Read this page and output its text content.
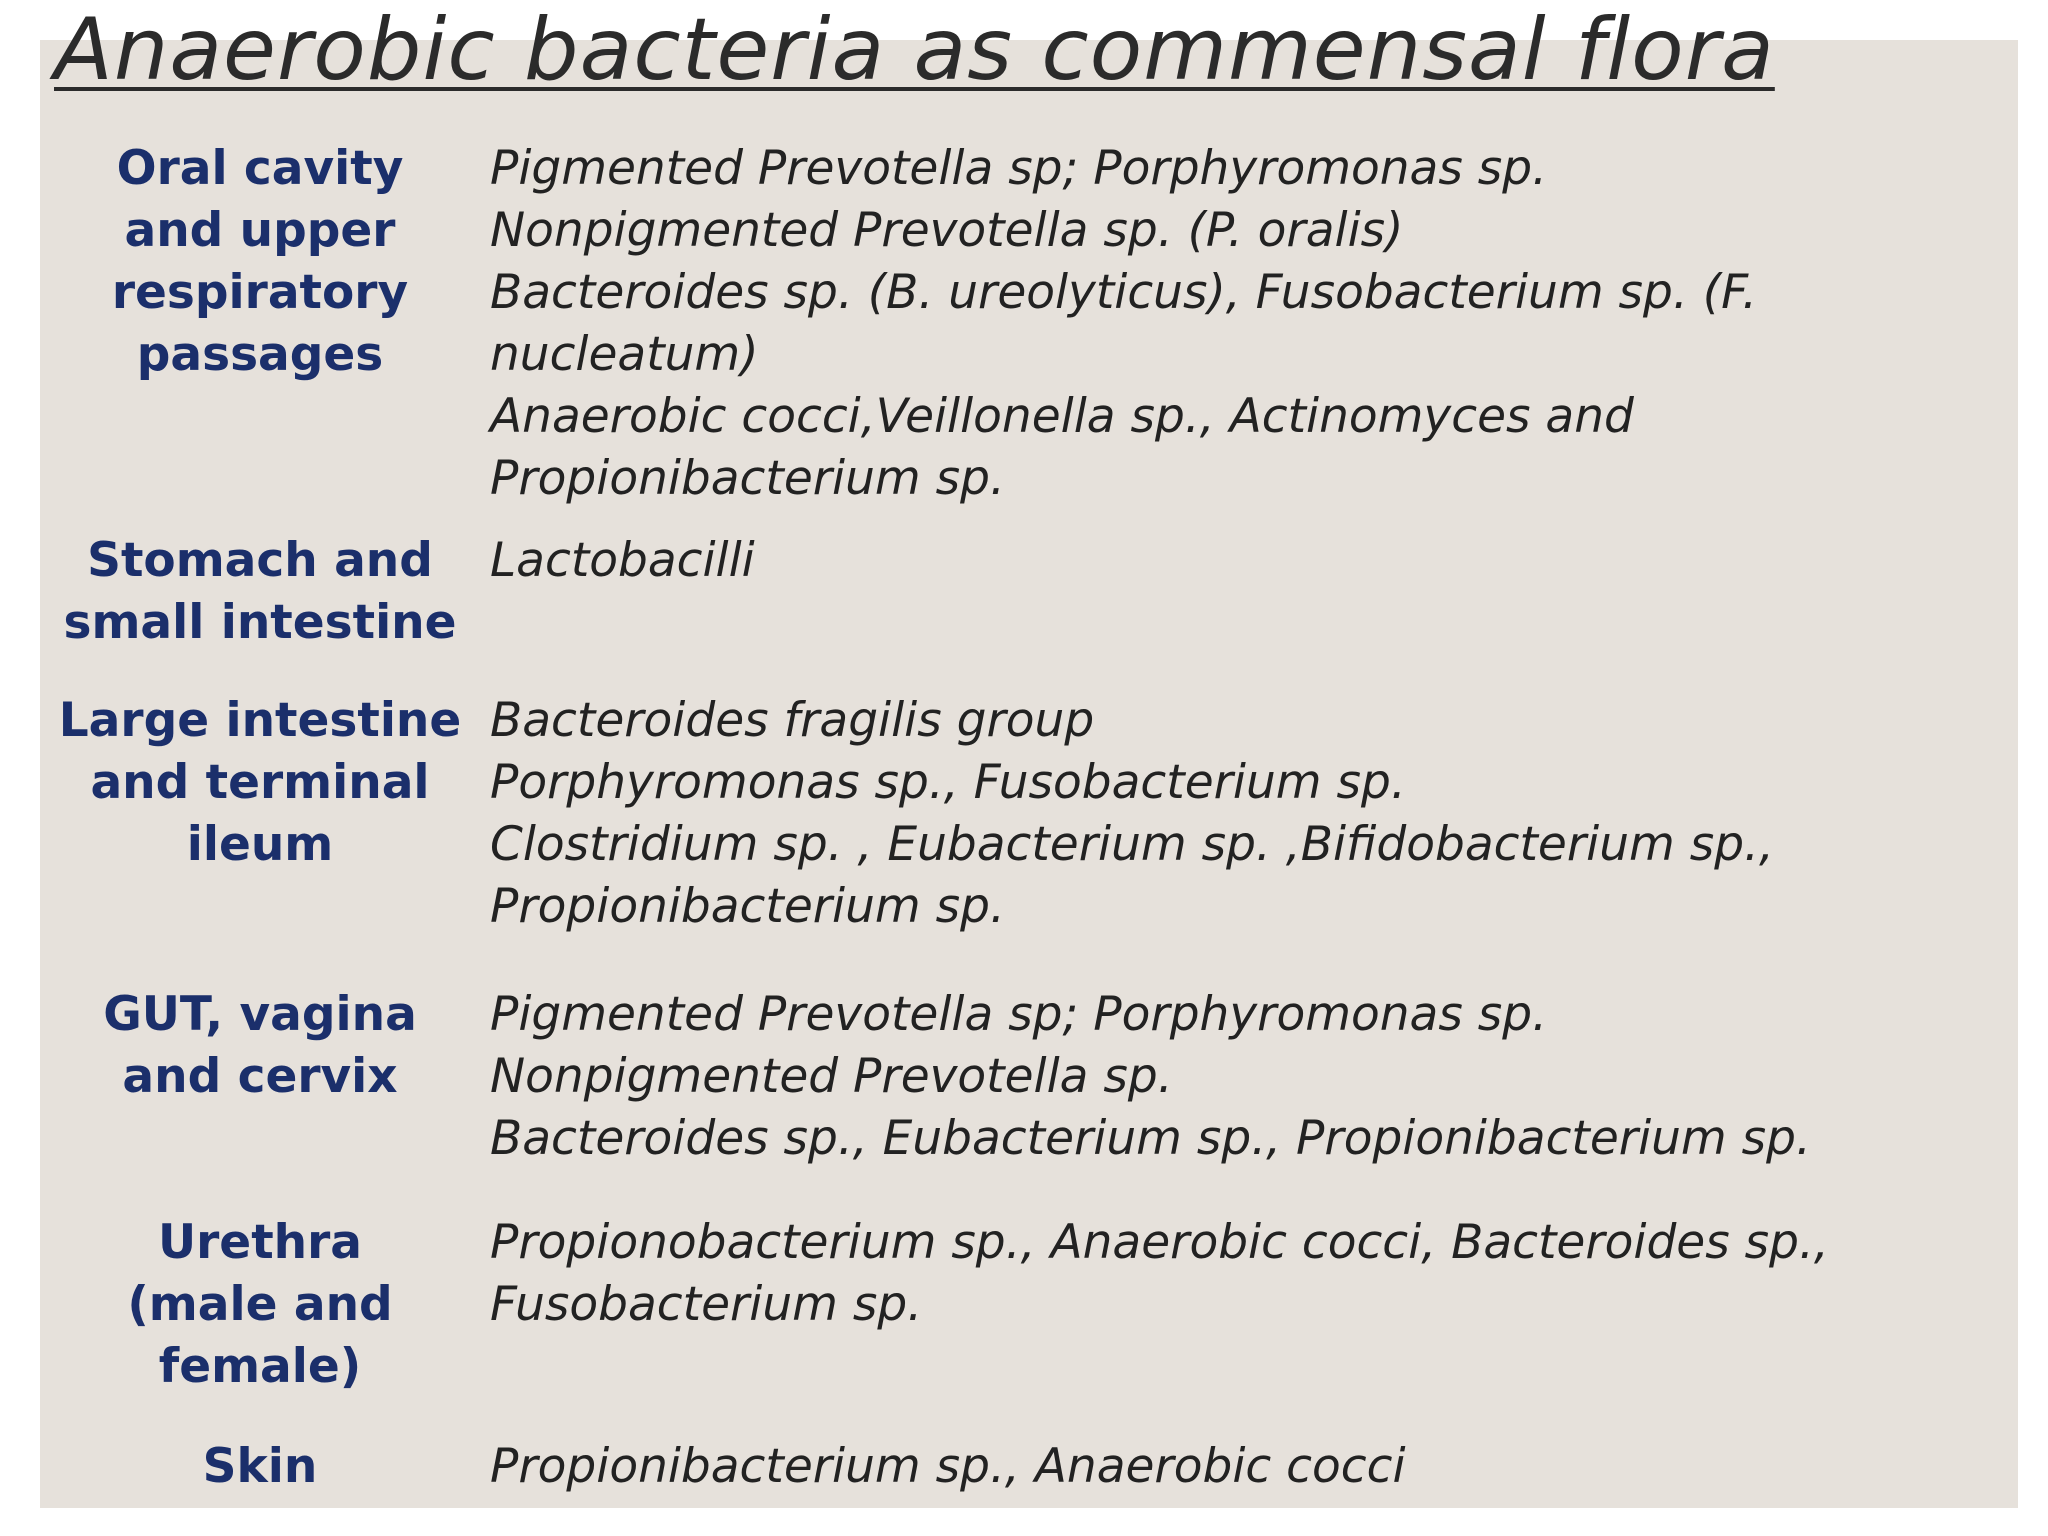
Anaerobic bacteria as commensal flora
Oral cavity
and upper
respiratory
passages
Pigmented Prevotella sp; Porphyromonas sp.
Nonpigmented Prevotella sp. (P. oralis)
Bacteroides sp. (B. ureolyticus), Fusobacterium sp. (F.
nucleatum)
Anaerobic cocci,Veillonella sp., Actinomyces and
Propionibacterium sp.
Stomach and
small intestine
Lactobacilli
Large intestine
and terminal
ileum
Bacteroides fragilis group
Porphyromonas sp., Fusobacterium sp.
Clostridium sp. , Eubacterium sp. ,Bifidobacterium sp.,
Propionibacterium sp.
GUT, vagina
and cervix
Pigmented Prevotella sp; Porphyromonas sp.
Nonpigmented Prevotella sp.
Bacteroides sp., Eubacterium sp., Propionibacterium sp.
Urethra
(male and
female)
Propionobacterium sp., Anaerobic cocci, Bacteroides sp.,
Fusobacterium sp.
Skin	Propionibacterium sp., Anaerobic cocci
